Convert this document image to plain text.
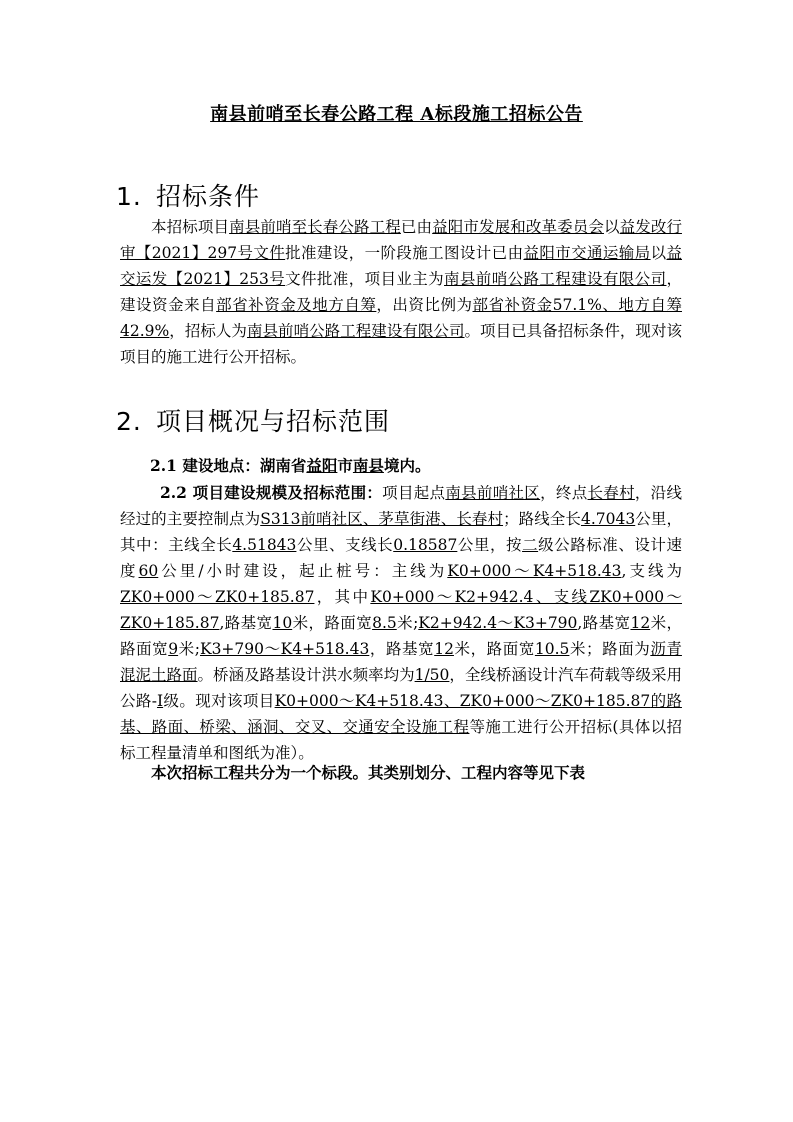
南县前哨至长春公路工程 A标段施工招标公告
1. 招标条件

本招标项目南县前哨至长春公路工程已由益阳市发展和改革委员会以益发改行审【2021】297号文件批准建设，一阶段施工图设计已由益阳市交通运输局以益交运发【2021】253号文件批准，项目业主为南县前哨公路工程建设有限公司，建设资金来自部省补资金及地方自筹，出资比例为部省补资金57.1%、地方自筹42.9%，招标人为南县前哨公路工程建设有限公司。项目已具备招标条件，现对该项目的施工进行公开招标。

2. 项目概况与招标范围

2.1 建设地点：湖南省益阳市南县境内。

2.2 项目建设规模及招标范围：项目起点南县前哨社区，终点长春村，沿线经过的主要控制点为S313前哨社区、茅草街港、长春村；路线全长4.7043公里，其中：主线全长4.51843公里、支线长0.18587公里，按二级公路标准、设计速度60公里/小时建设，起止桩号：主线为K0+000～K4+518.43,支线为ZK0+000～ZK0+185.87，其中K0+000～K2+942.4、支线ZK0+000～ZK0+185.87,路基宽10米，路面宽8.5米;K2+942.4～K3+790,路基宽12米，路面宽9米;K3+790～K4+518.43，路基宽12米，路面宽10.5米；路面为沥青混泥土路面。桥涵及路基设计洪水频率均为1/50，全线桥涵设计汽车荷载等级采用公路-I级。现对该项目K0+000～K4+518.43、ZK0+000～ZK0+185.87的路基、路面、桥梁、涵洞、交叉、交通安全设施工程等施工进行公开招标(具体以招标工程量清单和图纸为准）。

本次招标工程共分为一个标段。其类别划分、工程内容等见下表
